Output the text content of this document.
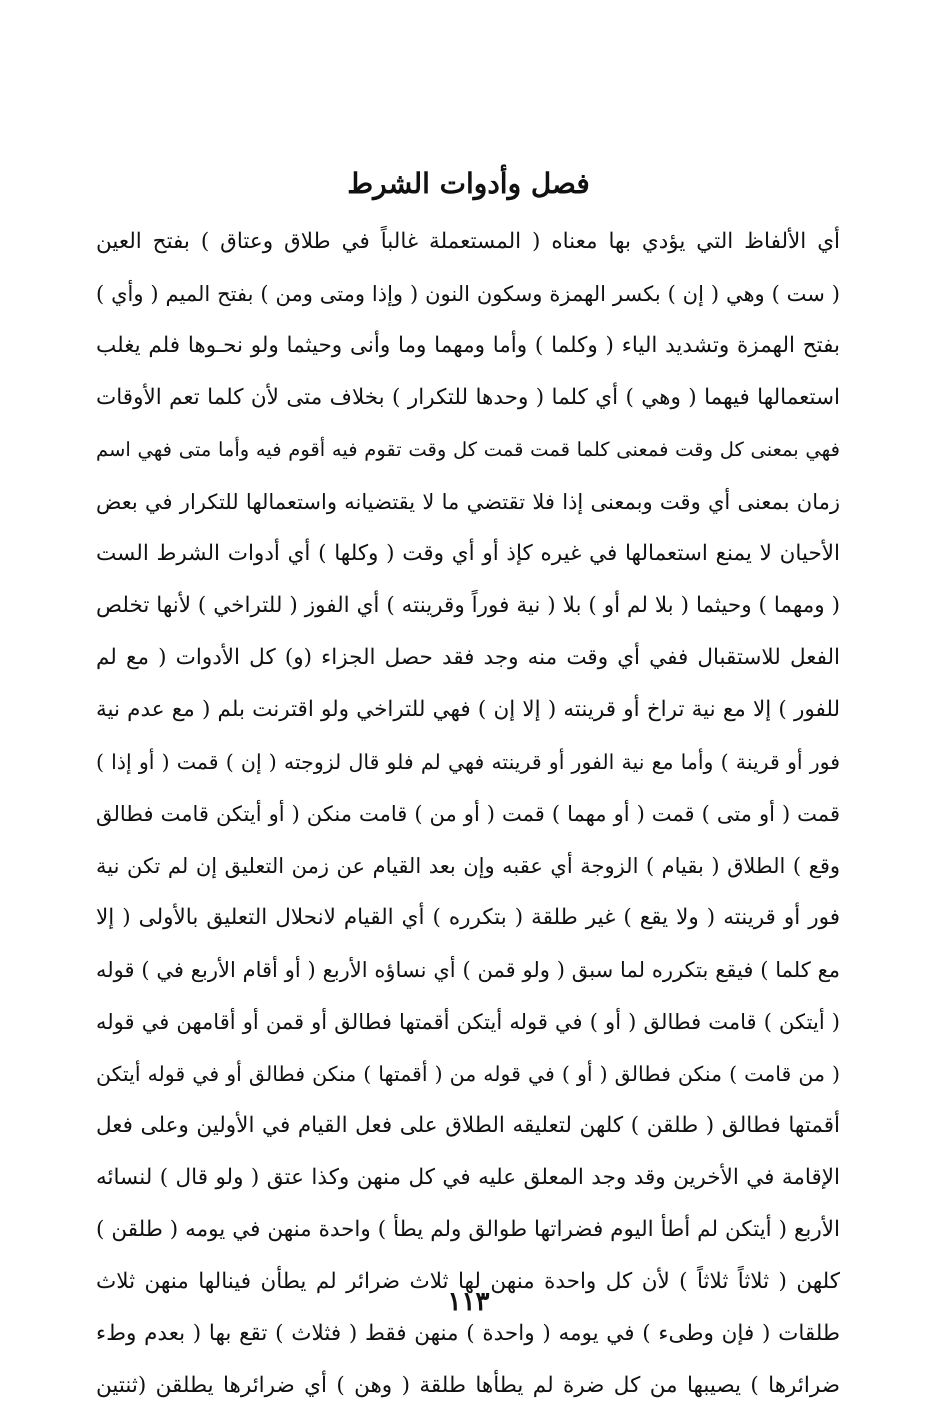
فصل وأدوات الشرط
أي الألفاظ التي يؤدي بها معناه ( المستعملة غالباً في طلاق وعتاق ) بفتح العين
( ست ) وهي ( إن ) بكسر الهمزة وسكون النون ( وإذا ومتى ومن ) بفتح الميم ( وأي )
بفتح الهمزة وتشديد الياء ( وكلما ) وأما ومهما وما وأنى وحيثما ولو نحـوها فلم يغلب
استعمالها فيهما ( وهي ) أي كلما ( وحدها للتكرار ) بخلاف متى لأن كلما تعم الأوقات
فهي بمعنى كل وقت فمعنى كلما قمت قمت كل وقت تقوم فيه أقوم فيه وأما متى فهي اسم
زمان بمعنى أي وقت وبمعنى إذا فلا تقتضي ما لا يقتضيانه واستعمالها للتكرار في بعض
الأحيان لا يمنع استعمالها في غيره كإذ أو أي وقت ( وكلها ) أي أدوات الشرط الست
( ومهما ) وحيثما ( بلا لم أو ) بلا ( نية فوراً وقرينته ) أي الفوز ( للتراخي ) لأنها تخلص
الفعل للاستقبال ففي أي وقت منه وجد فقد حصل الجزاء (و) كل الأدوات ( مع لم
للفور ) إلا مع نية تراخ أو قرينته ( إلا إن ) فهي للتراخي ولو اقترنت بلم ( مع عدم نية
فور أو قرينة ) وأما مع نية الفور أو قرينته فهي لم فلو قال لزوجته ( إن ) قمت ( أو إذا )
قمت ( أو متى ) قمت ( أو مهما ) قمت ( أو من ) قامت منكن ( أو أيتكن قامت فطالق
وقع ) الطلاق ( بقيام ) الزوجة أي عقبه وإن بعد القيام عن زمن التعليق إن لم تكن نية
فور أو قرينته ( ولا يقع ) غير طلقة ( بتكرره ) أي القيام لانحلال التعليق بالأولى ( إلا
مع كلما ) فيقع بتكرره لما سبق ( ولو قمن ) أي نساؤه الأربع ( أو أقام الأربع في ) قوله
( أيتكن ) قامت فطالق ( أو ) في قوله أيتكن أقمتها فطالق أو قمن أو أقامهن في قوله
( من قامت ) منكن فطالق ( أو ) في قوله من ( أقمتها ) منكن فطالق أو في قوله أيتكن
أقمتها فطالق ( طلقن ) كلهن لتعليقه الطلاق على فعل القيام في الأولين وعلى فعل
الإقامة في الأخرين وقد وجد المعلق عليه في كل منهن وكذا عتق ( ولو قال ) لنسائه
الأربع ( أيتكن لم أطأ اليوم فضراتها طوالق ولم يطأ ) واحدة منهن في يومه ( طلقن )
كلهن ( ثلاثاً ثلاثاً ) لأن كل واحدة منهن لها ثلاث ضرائر لم يطأن فينالها منهن ثلاث
طلقات ( فإن وطىء ) في يومه ( واحدة ) منهن فقط ( فثلاث ) تقع بها ( بعدم وطء
ضرائرها ) يصيبها من كل ضرة لم يطأها طلقة ( وهن ) أي ضرائرها يطلقن (ثنتين
١١٣
